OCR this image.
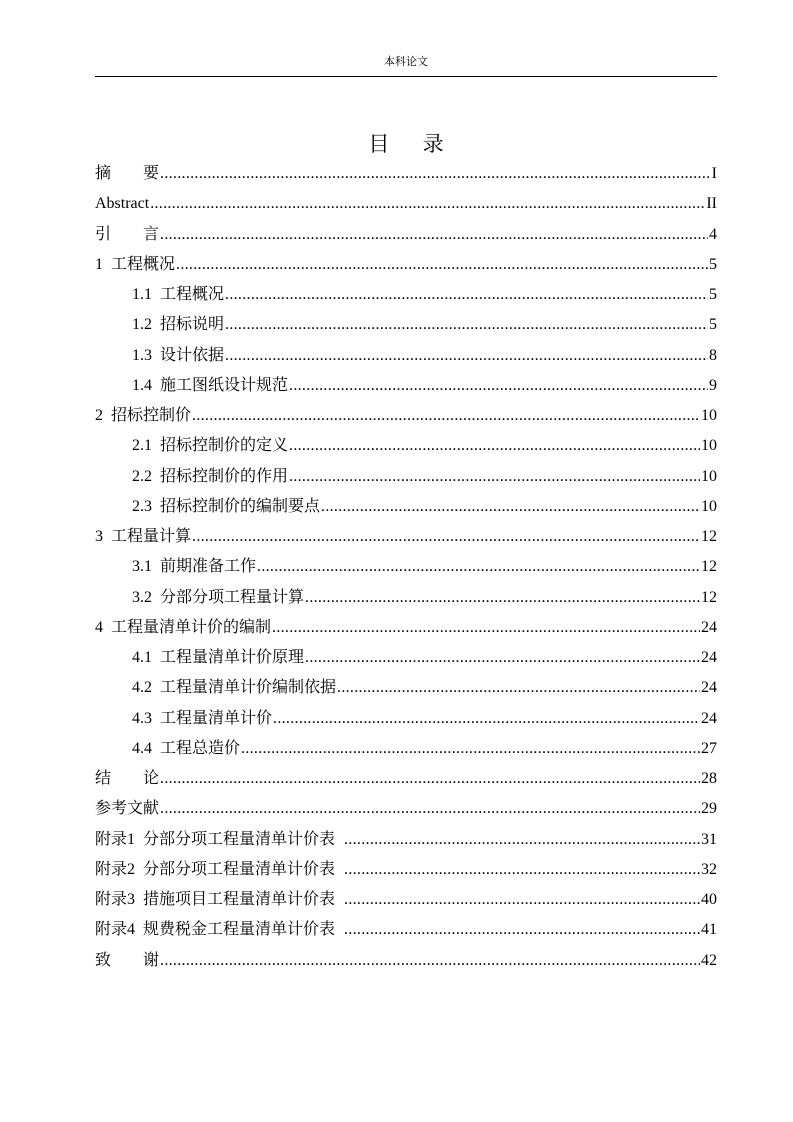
本科论文
目 录
摘　　要 .....	I
Abstract .....	II
引　　言 .....	4
1  工程概况 .....	5
1.1  工程概况 .....	5
1.2  招标说明 .....	5
1.3  设计依据 .....	8
1.4  施工图纸设计规范 .....	9
2  招标控制价 .....	10
2.1  招标控制价的定义 .....	10
2.2  招标控制价的作用 .....	10
2.3  招标控制价的编制要点 .....	10
3  工程量计算 .....	12
3.1  前期准备工作 .....	12
3.2  分部分项工程量计算 .....	12
4  工程量清单计价的编制 .....	24
4.1  工程量清单计价原理 .....	24
4.2  工程量清单计价编制依据 .....	24
4.3  工程量清单计价 .....	24
4.4  工程总造价 .....	27
结　　论 .....	28
参考文献 .....	29
附录1  分部分项工程量清单计价表 .....	31
附录2  分部分项工程量清单计价表 .....	32
附录3  措施项目工程量清单计价表 .....	40
附录4  规费税金工程量清单计价表 .....	41
致　　谢 .....	42
